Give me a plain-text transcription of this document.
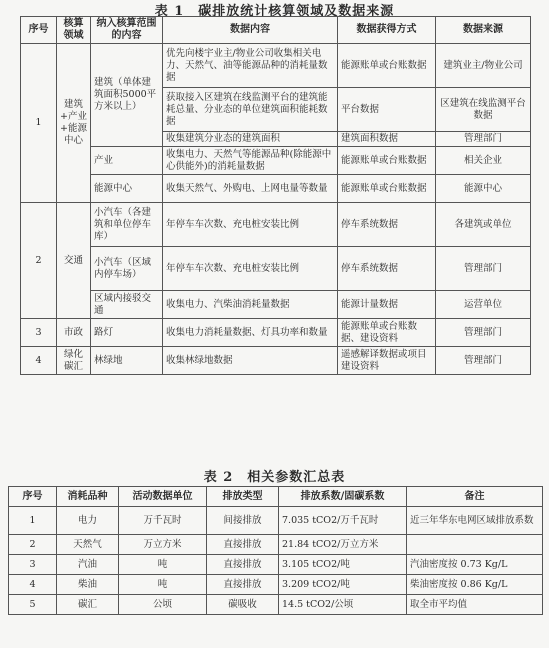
表 1　碳排放统计核算领域及数据来源
序号	核算领域	纳入核算范围的内容	数据内容	数据获得方式	数据来源
1	建筑+产业+能源中心	建筑（单体建筑面积5000平方米以上）	优先向楼宇业主/物业公司收集相关电力、天然气、油等能源品种的消耗量数据	能源账单或台账数据	建筑业主/物业公司
			获取接入区建筑在线监测平台的建筑能耗总量、分业态的单位建筑面积能耗数据	平台数据	区建筑在线监测平台数据
			收集建筑分业态的建筑面积	建筑面积数据	管理部门
		产业	收集电力、天然气等能源品种(除能源中心供能外)的消耗量数据	能源账单或台账数据	相关企业
		能源中心	收集天然气、外购电、上网电量等数量	能源账单或台账数据	能源中心
2	交通	小汽车（各建筑和单位停车库）	年停车车次数、充电桩安装比例	停车系统数据	各建筑或单位
		小汽车（区域内停车场）	年停车车次数、充电桩安装比例	停车系统数据	管理部门
		区域内接驳交通	收集电力、汽柴油消耗量数据	能源计量数据	运营单位
3	市政	路灯	收集电力消耗量数据、灯具功率和数量	能源账单或台账数据、建设资料	管理部门
4	绿化碳汇	林绿地	收集林绿地数据	遥感解译数据或项目建设资料	管理部门
表 2　相关参数汇总表
序号	消耗品种	活动数据单位	排放类型	排放系数/固碳系数	备注
1	电力	万千瓦时	间接排放	7.035 tCO2/万千瓦时	近三年华东电网区域排放系数
2	天然气	万立方米	直接排放	21.84 tCO2/万立方米	
3	汽油	吨	直接排放	3.105 tCO2/吨	汽油密度按 0.73 Kg/L
4	柴油	吨	直接排放	3.209 tCO2/吨	柴油密度按 0.86 Kg/L
5	碳汇	公顷	碳吸收	14.5 tCO2/公顷	取全市平均值
